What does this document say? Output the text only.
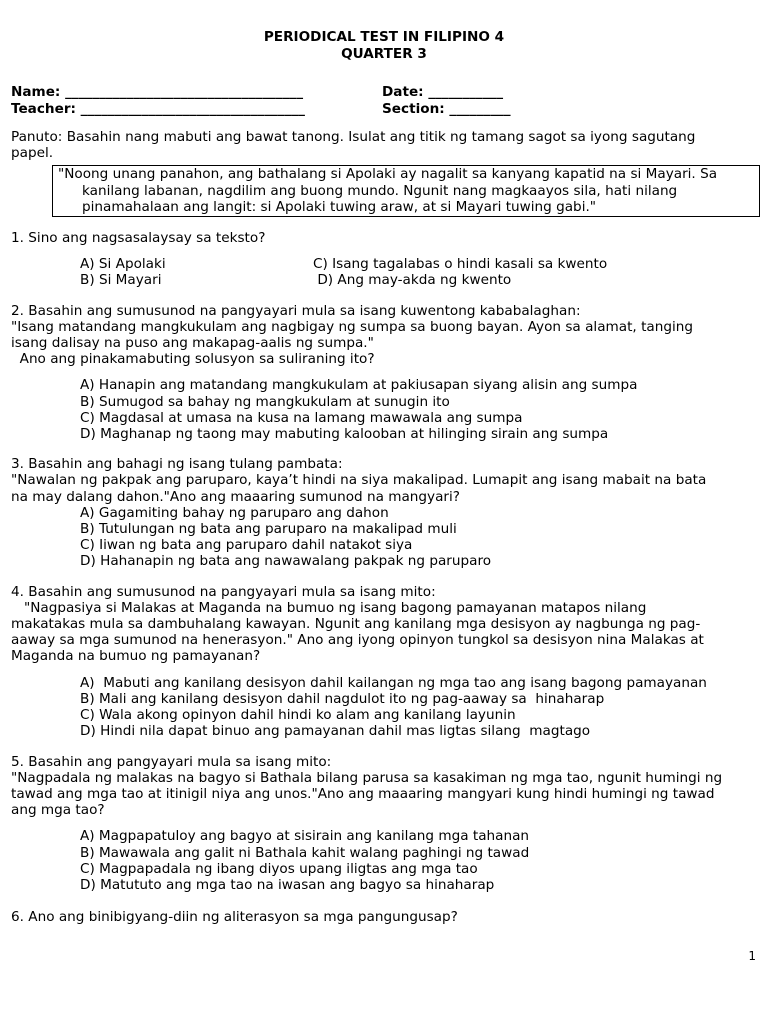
PERIODICAL TEST IN FILIPINO 4
QUARTER 3
Name: ___________________________________	Date: ___________
Teacher: _________________________________	Section: _________
Panuto: Basahin nang mabuti ang bawat tanong. Isulat ang titik ng tamang sagot sa iyong sagutang
papel.
"Noong unang panahon, ang bathalang si Apolaki ay nagalit sa kanyang kapatid na si Mayari. Sa
kanilang labanan, nagdilim ang buong mundo. Ngunit nang magkaayos sila, hati nilang
pinamahalaan ang langit: si Apolaki tuwing araw, at si Mayari tuwing gabi."
1. Sino ang nagsasalaysay sa teksto?
A) Si Apolaki	C) Isang tagalabas o hindi kasali sa kwento
B) Si Mayari	D) Ang may-akda ng kwento
2. Basahin ang sumusunod na pangyayari mula sa isang kuwentong kababalaghan:
"Isang matandang mangkukulam ang nagbigay ng sumpa sa buong bayan. Ayon sa alamat, tanging
isang dalisay na puso ang makapag-aalis ng sumpa."
Ano ang pinakamabuting solusyon sa suliraning ito?
A) Hanapin ang matandang mangkukulam at pakiusapan siyang alisin ang sumpa
B) Sumugod sa bahay ng mangkukulam at sunugin ito
C) Magdasal at umasa na kusa na lamang mawawala ang sumpa
D) Maghanap ng taong may mabuting kalooban at hilinging sirain ang sumpa
3. Basahin ang bahagi ng isang tulang pambata:
"Nawalan ng pakpak ang paruparo, kaya’t hindi na siya makalipad. Lumapit ang isang mabait na bata
na may dalang dahon."Ano ang maaaring sumunod na mangyari?
A) Gagamiting bahay ng paruparo ang dahon
B) Tutulungan ng bata ang paruparo na makalipad muli
C) Iiwan ng bata ang paruparo dahil natakot siya
D) Hahanapin ng bata ang nawawalang pakpak ng paruparo
4. Basahin ang sumusunod na pangyayari mula sa isang mito:
"Nagpasiya si Malakas at Maganda na bumuo ng isang bagong pamayanan matapos nilang
makatakas mula sa dambuhalang kawayan. Ngunit ang kanilang mga desisyon ay nagbunga ng pag-
aaway sa mga sumunod na henerasyon." Ano ang iyong opinyon tungkol sa desisyon nina Malakas at
Maganda na bumuo ng pamayanan?
A)  Mabuti ang kanilang desisyon dahil kailangan ng mga tao ang isang bagong pamayanan
B) Mali ang kanilang desisyon dahil nagdulot ito ng pag-aaway sa  hinaharap
C) Wala akong opinyon dahil hindi ko alam ang kanilang layunin
D) Hindi nila dapat binuo ang pamayanan dahil mas ligtas silang  magtago
5. Basahin ang pangyayari mula sa isang mito:
"Nagpadala ng malakas na bagyo si Bathala bilang parusa sa kasakiman ng mga tao, ngunit humingi ng
tawad ang mga tao at itinigil niya ang unos."Ano ang maaaring mangyari kung hindi humingi ng tawad
ang mga tao?
A) Magpapatuloy ang bagyo at sisirain ang kanilang mga tahanan
B) Mawawala ang galit ni Bathala kahit walang paghingi ng tawad
C) Magpapadala ng ibang diyos upang iligtas ang mga tao
D) Matututo ang mga tao na iwasan ang bagyo sa hinaharap
6. Ano ang binibigyang-diin ng aliterasyon sa mga pangungusap?
1
